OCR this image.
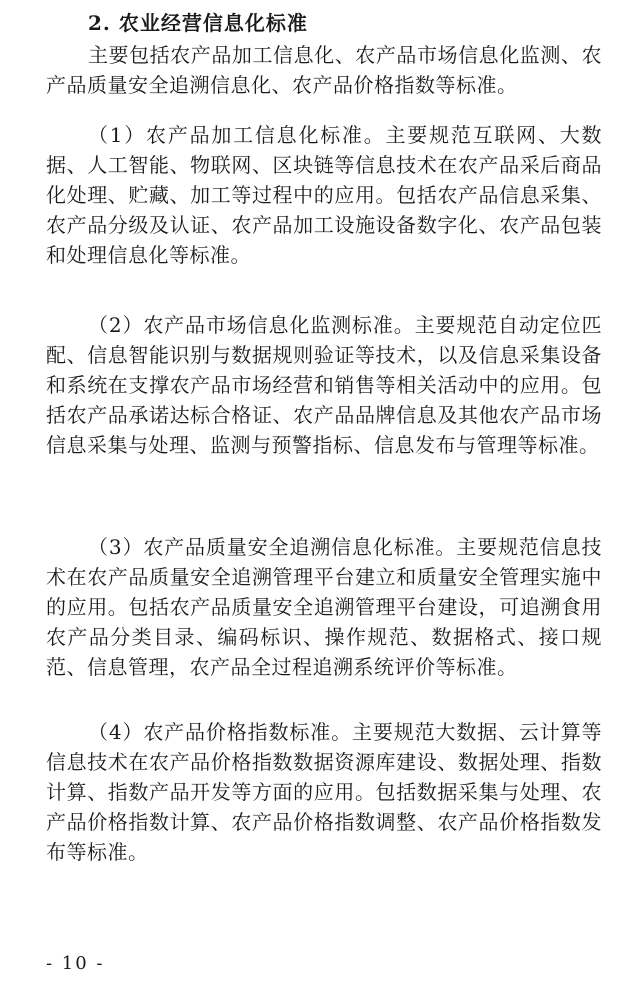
2. 农业经营信息化标准

主要包括农产品加工信息化、农产品市场信息化监测、农产品质量安全追溯信息化、农产品价格指数等标准。

（1）农产品加工信息化标准。主要规范互联网、大数据、人工智能、物联网、区块链等信息技术在农产品采后商品化处理、贮藏、加工等过程中的应用。包括农产品信息采集、农产品分级及认证、农产品加工设施设备数字化、农产品包装和处理信息化等标准。

（2）农产品市场信息化监测标准。主要规范自动定位匹配、信息智能识别与数据规则验证等技术，以及信息采集设备和系统在支撑农产品市场经营和销售等相关活动中的应用。包括农产品承诺达标合格证、农产品品牌信息及其他农产品市场信息采集与处理、监测与预警指标、信息发布与管理等标准。

（3）农产品质量安全追溯信息化标准。主要规范信息技术在农产品质量安全追溯管理平台建立和质量安全管理实施中的应用。包括农产品质量安全追溯管理平台建设，可追溯食用农产品分类目录、编码标识、操作规范、数据格式、接口规范、信息管理，农产品全过程追溯系统评价等标准。

（4）农产品价格指数标准。主要规范大数据、云计算等信息技术在农产品价格指数数据资源库建设、数据处理、指数计算、指数产品开发等方面的应用。包括数据采集与处理、农产品价格指数计算、农产品价格指数调整、农产品价格指数发布等标准。

- 10 -
